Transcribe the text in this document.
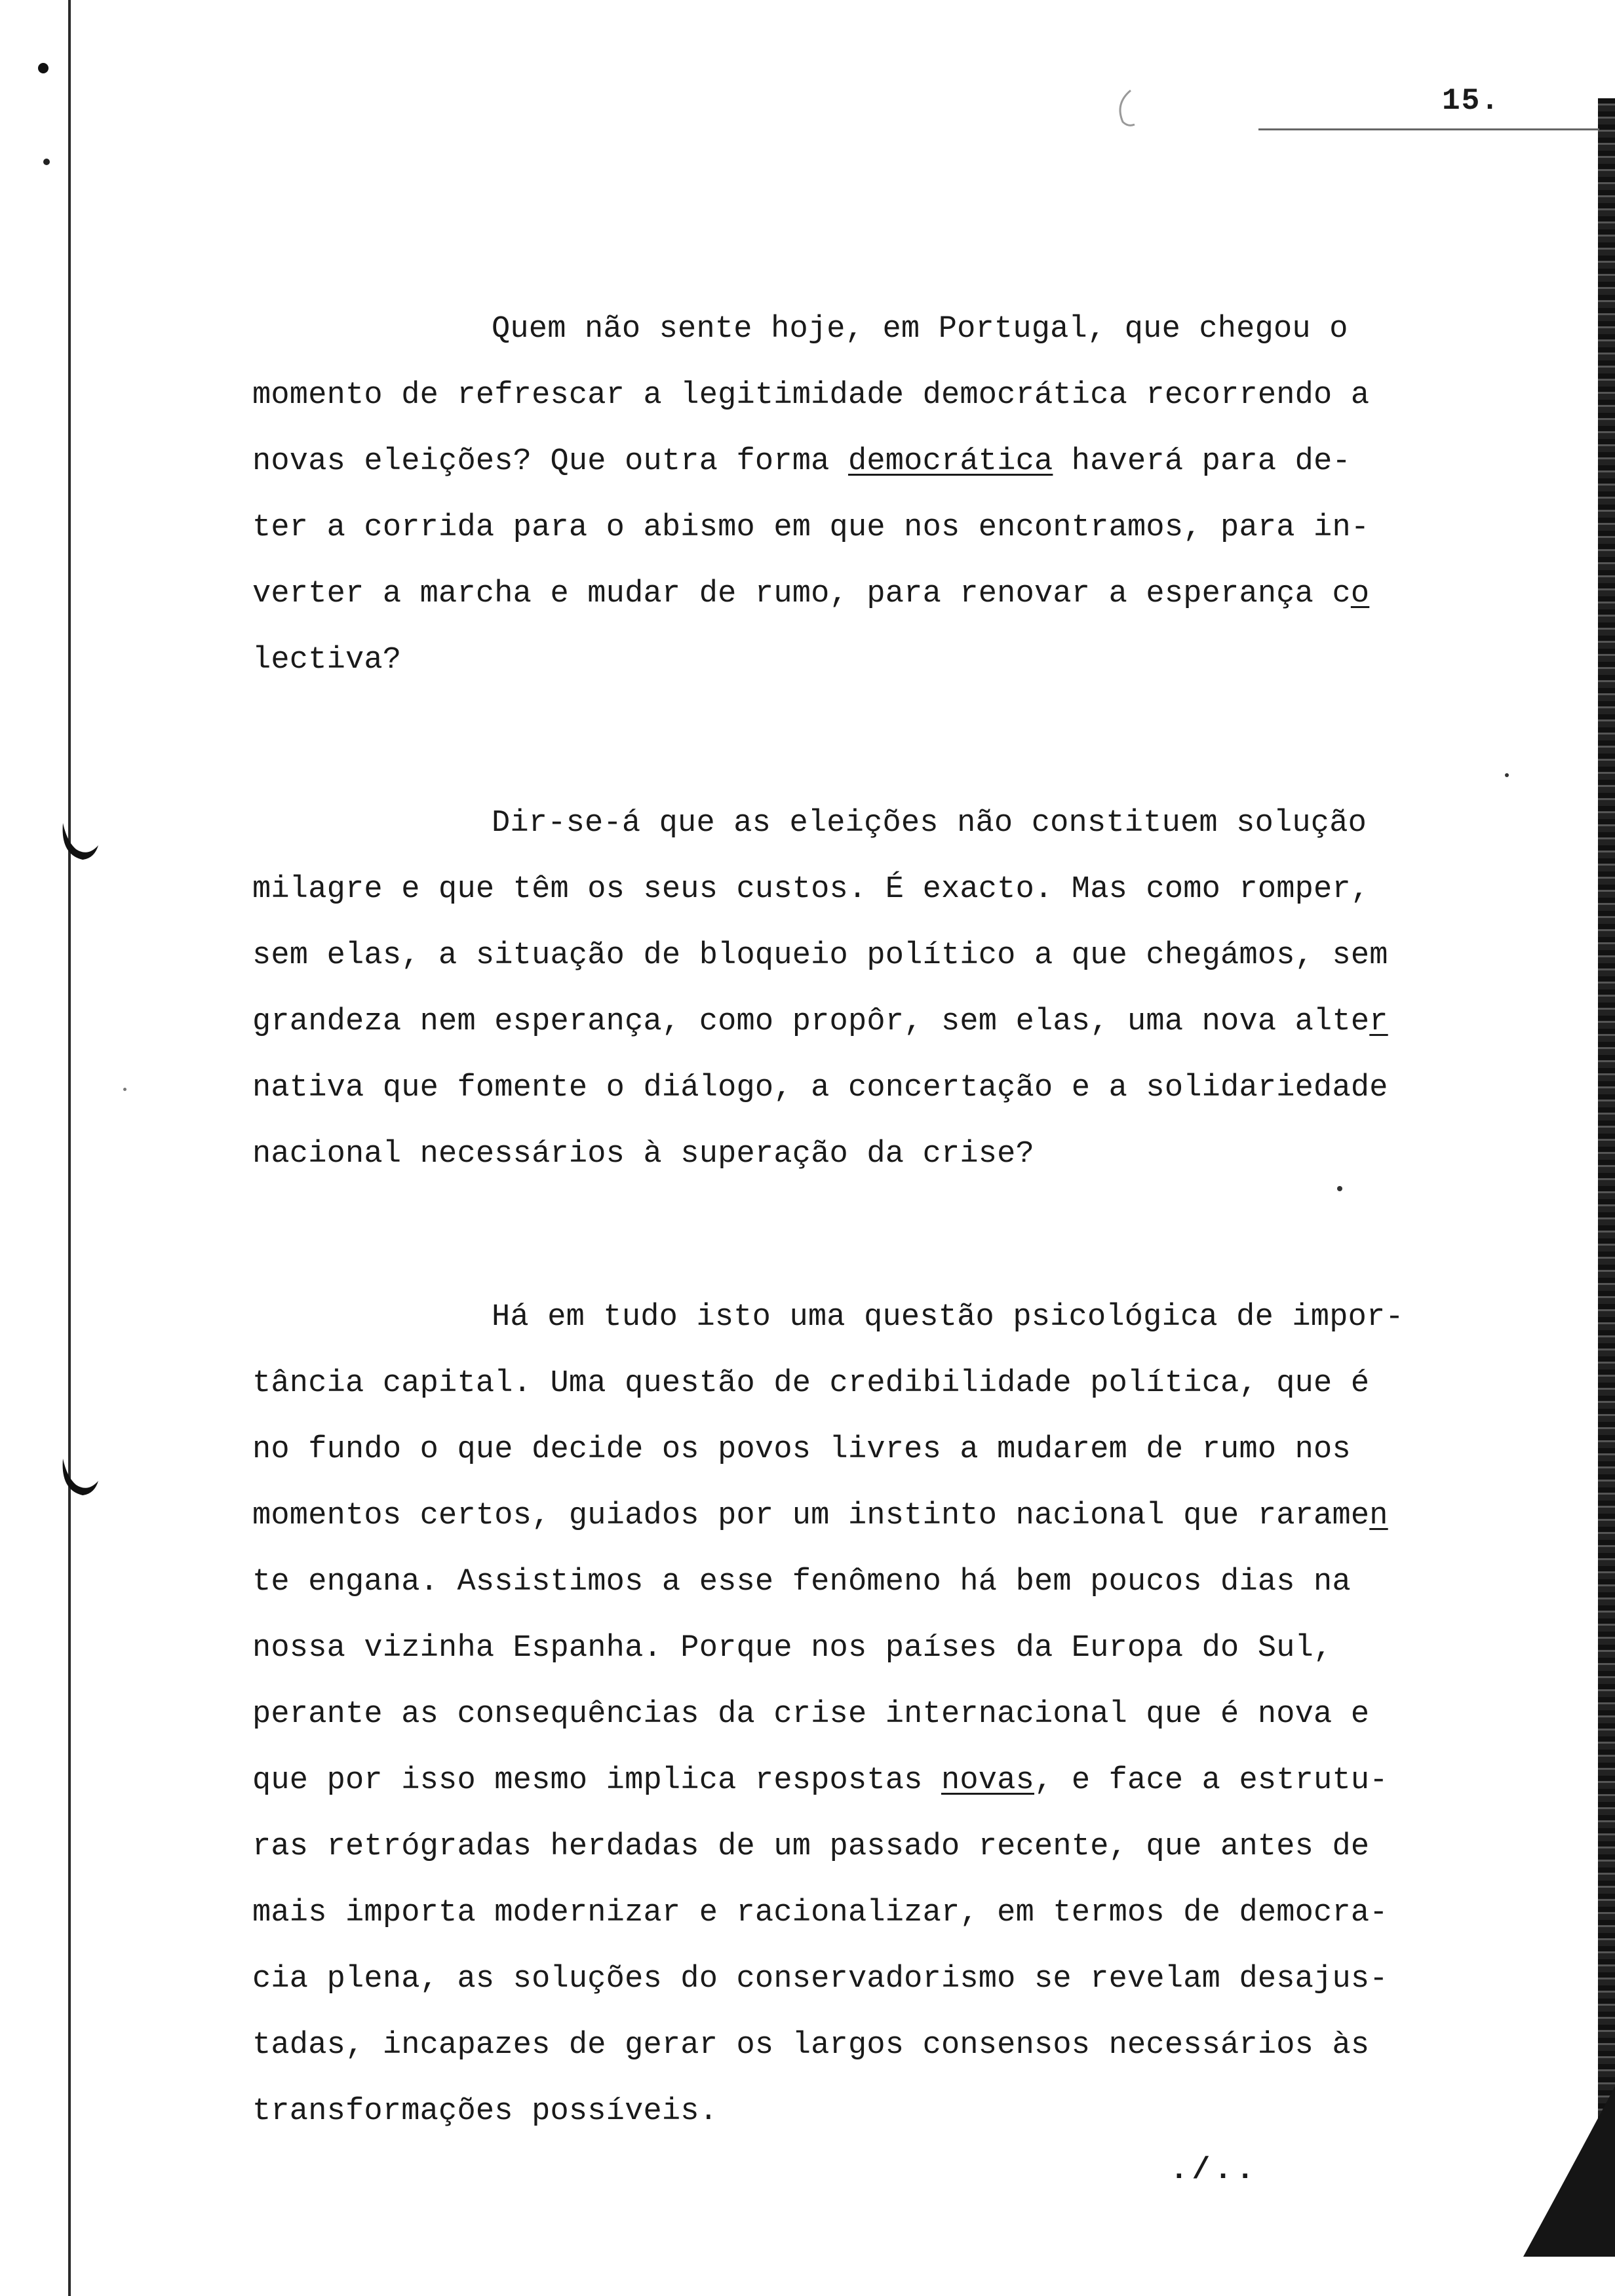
15.
Quem não sente hoje, em Portugal, que chegou o
momento de refrescar a legitimidade democrática recorrendo a
novas eleições? Que outra forma democrática haverá para de-
ter a corrida para o abismo em que nos encontramos, para in-
verter a marcha e mudar de rumo, para renovar a esperança co
lectiva?
Dir-se-á que as eleições não constituem solução
milagre e que têm os seus custos. É exacto. Mas como romper,
sem elas, a situação de bloqueio político a que chegámos, sem
grandeza nem esperança, como propôr, sem elas, uma nova alter
nativa que fomente o diálogo, a concertação e a solidariedade
nacional necessários à superação da crise?
Há em tudo isto uma questão psicológica de impor-
tância capital. Uma questão de credibilidade política, que é
no fundo o que decide os povos livres a mudarem de rumo nos
momentos certos, guiados por um instinto nacional que raramеn
te engana. Assistimos a esse fenômeno há bem poucos dias na
nossa vizinha Espanha. Porque nos países da Europa do Sul,
perante as consequências da crise internacional que é nova e
que por isso mesmo implica respostas novas, e face a estrutu-
ras retrógradas herdadas de um passado recente, que antes de
mais importa modernizar e racionalizar, em termos de democra-
cia plena, as soluções do conservadorismo se revelam desajus-
tadas, incapazes de gerar os largos consensos necessários às
transformações possíveis.
./..
